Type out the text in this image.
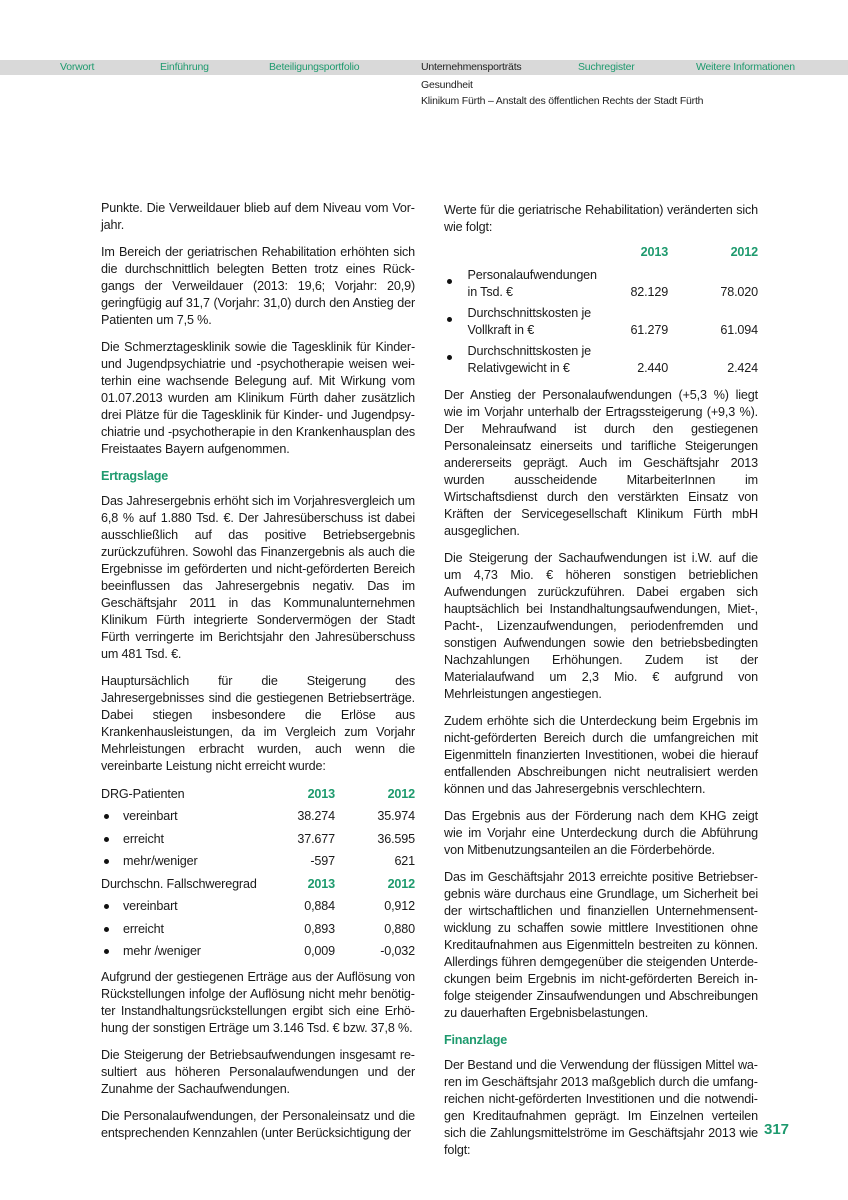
Vorwort	Einführung	Beteiligungsportfolio	Unternehmensporträts	Suchregister	Weitere Informationen
Gesundheit
Klinikum Fürth – Anstalt des öffentlichen Rechts der Stadt Fürth

Punkte. Die Verweildauer blieb auf dem Niveau vom Vorjahr.

Im Bereich der geriatrischen Rehabilitation erhöhten sich die durchschnittlich belegten Betten trotz eines Rückgangs der Verweildauer (2013: 19,6; Vorjahr: 20,9) geringfügig auf 31,7 (Vorjahr: 31,0) durch den Anstieg der Patienten um 7,5 %.

Die Schmerztagesklinik sowie die Tagesklinik für Kinder- und Jugendpsychiatrie und -psychotherapie weisen weiterhin eine wachsende Belegung auf. Mit Wirkung vom 01.07.2013 wurden am Klinikum Fürth daher zusätzlich drei Plätze für die Tagesklinik für Kinder- und Jugendpsychiatrie und -psychotherapie in den Krankenhausplan des Freistaates Bayern aufgenommen.

Ertragslage

Das Jahresergebnis erhöht sich im Vorjahresvergleich um 6,8 % auf 1.880 Tsd. €. Der Jahresüberschuss ist dabei ausschließlich auf das positive Betriebsergebnis zurückzuführen. Sowohl das Finanzergebnis als auch die Ergebnisse im geförderten und nicht-geförderten Bereich beeinflussen das Jahresergebnis negativ. Das im Geschäftsjahr 2011 in das Kommunalunternehmen Klinikum Fürth integrierte Sondervermögen der Stadt Fürth verringerte im Berichtsjahr den Jahresüberschuss um 481 Tsd. €.

Hauptursächlich für die Steigerung des Jahresergebnisses sind die gestiegenen Betriebserträge. Dabei stiegen insbesondere die Erlöse aus Krankenhausleistungen, da im Vergleich zum Vorjahr Mehrleistungen erbracht wurden, auch wenn die vereinbarte Leistung nicht erreicht wurde:

DRG-Patienten		2013	2012
	vereinbart	38.274	35.974
	erreicht	37.677	36.595
	mehr/weniger	-597	621
Durchschn. Fallschweregrad		2013	2012
	vereinbart	0,884	0,912
	erreicht	0,893	0,880
	mehr /weniger	0,009	-0,032

Aufgrund der gestiegenen Erträge aus der Auflösung von Rückstellungen infolge der Auflösung nicht mehr benötigter Instandhaltungsrückstellungen ergibt sich eine Erhöhung der sonstigen Erträge um 3.146 Tsd. € bzw. 37,8 %.

Die Steigerung der Betriebsaufwendungen insgesamt resultiert aus höheren Personalaufwendungen und der Zunahme der Sachaufwendungen.

Die Personalaufwendungen, der Personaleinsatz und die entsprechenden Kennzahlen (unter Berücksichtigung der

Werte für die geriatrische Rehabilitation) veränderten sich wie folgt:

		2013	2012
	Personalaufwendungen in Tsd. €	82.129	78.020
	Durchschnittskosten je Vollkraft in €	61.279	61.094
	Durchschnittskosten je Relativgewicht in €	2.440	2.424

Der Anstieg der Personalaufwendungen (+5,3 %) liegt wie im Vorjahr unterhalb der Ertragssteigerung (+9,3 %). Der Mehraufwand ist durch den gestiegenen Personaleinsatz einerseits und tarifliche Steigerungen andererseits geprägt. Auch im Geschäftsjahr 2013 wurden ausscheidende MitarbeiterInnen im Wirtschaftsdienst durch den verstärkten Einsatz von Kräften der Servicegesellschaft Klinikum Fürth mbH ausgeglichen.

Die Steigerung der Sachaufwendungen ist i.W. auf die um 4,73 Mio. € höheren sonstigen betrieblichen Aufwendungen zurückzuführen. Dabei ergaben sich hauptsächlich bei Instandhaltungsaufwendungen, Miet-, Pacht-, Lizenzaufwendungen, periodenfremden und sonstigen Aufwendungen sowie den betriebsbedingten Nachzahlungen Erhöhungen. Zudem ist der Materialaufwand um 2,3 Mio. € aufgrund von Mehrleistungen angestiegen.

Zudem erhöhte sich die Unterdeckung beim Ergebnis im nicht-geförderten Bereich durch die umfangreichen mit Eigenmitteln finanzierten Investitionen, wobei die hierauf entfallenden Abschreibungen nicht neutralisiert werden können und das Jahresergebnis verschlechtern.

Das Ergebnis aus der Förderung nach dem KHG zeigt wie im Vorjahr eine Unterdeckung durch die Abführung von Mitbenutzungsanteilen an die Förderbehörde.

Das im Geschäftsjahr 2013 erreichte positive Betriebsergebnis wäre durchaus eine Grundlage, um Sicherheit bei der wirtschaftlichen und finanziellen Unternehmensentwicklung zu schaffen sowie mittlere Investitionen ohne Kreditaufnahmen aus Eigenmitteln bestreiten zu können. Allerdings führen demgegenüber die steigenden Unterdeckungen beim Ergebnis im nicht-geförderten Bereich infolge steigender Zinsaufwendungen und Abschreibungen zu dauerhaften Ergebnisbelastungen.

Finanzlage

Der Bestand und die Verwendung der flüssigen Mittel waren im Geschäftsjahr 2013 maßgeblich durch die umfangreichen nicht-geförderten Investitionen und die notwendigen Kreditaufnahmen geprägt. Im Einzelnen verteilen sich die Zahlungsmittelströme im Geschäftsjahr 2013 wie folgt:

317
